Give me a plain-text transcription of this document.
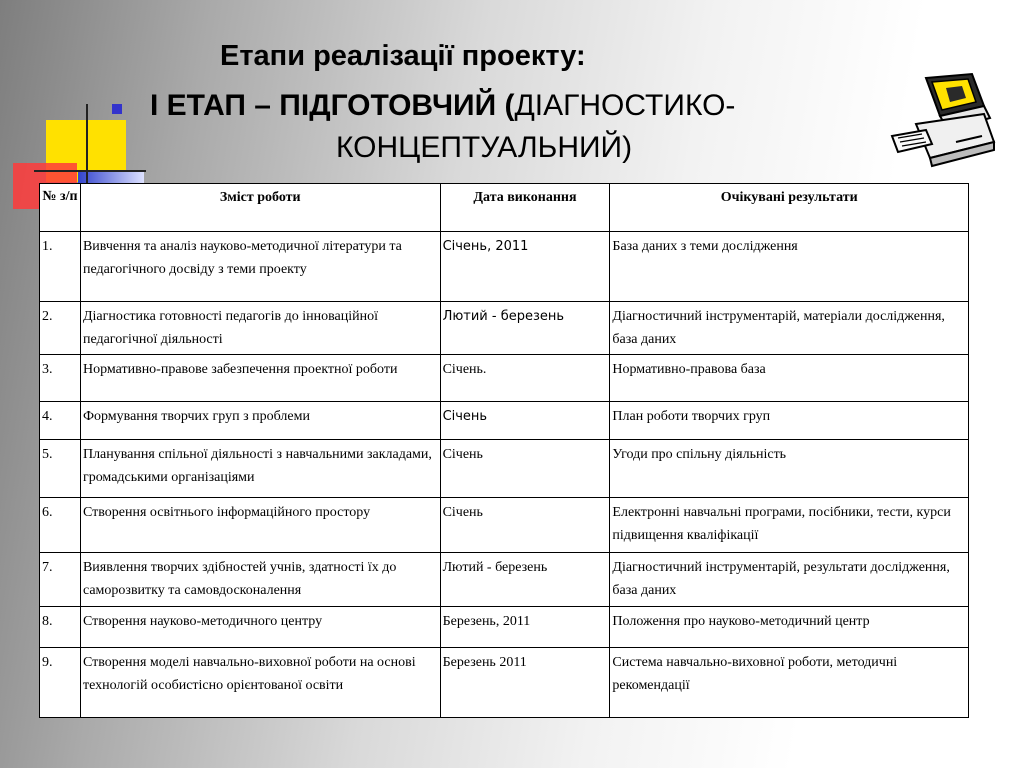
Етапи реалізації проекту:
І ЕТАП – ПІДГОТОВЧИЙ (ДІАГНОСТИКО-
КОНЦЕПТУАЛЬНИЙ)
№ з/п	Зміст роботи	Дата виконання	Очікувані результати
1.	Вивчення та аналіз науково-методичної літератури та педагогічного досвіду з теми проекту	Січень, 2011	База даних з теми дослідження
2.	Діагностика готовності педагогів до інноваційної педагогічної діяльності	Лютий - березень	Діагностичний інструментарій, матеріали дослідження, база даних
3.	Нормативно-правове забезпечення проектної роботи	Січень.	Нормативно-правова база
4.	Формування творчих груп з проблеми	Січень	План роботи творчих груп
5.	Планування спільної діяльності з навчальними закладами, громадськими організаціями	Січень	Угоди про спільну діяльність
6.	Створення освітнього інформаційного простору	Січень	Електронні навчальні програми, посібники, тести, курси підвищення кваліфікації
7.	Виявлення творчих здібностей учнів, здатності їх до саморозвитку та самовдосконалення	Лютий - березень	Діагностичний інструментарій, результати дослідження, база даних
8.	Створення науково-методичного центру	Березень, 2011	Положення про науково-методичний центр
9.	Створення моделі навчально-виховної роботи на основі технологій особистісно орієнтованої освіти	Березень 2011	Система навчально-виховної роботи, методичні рекомендації
